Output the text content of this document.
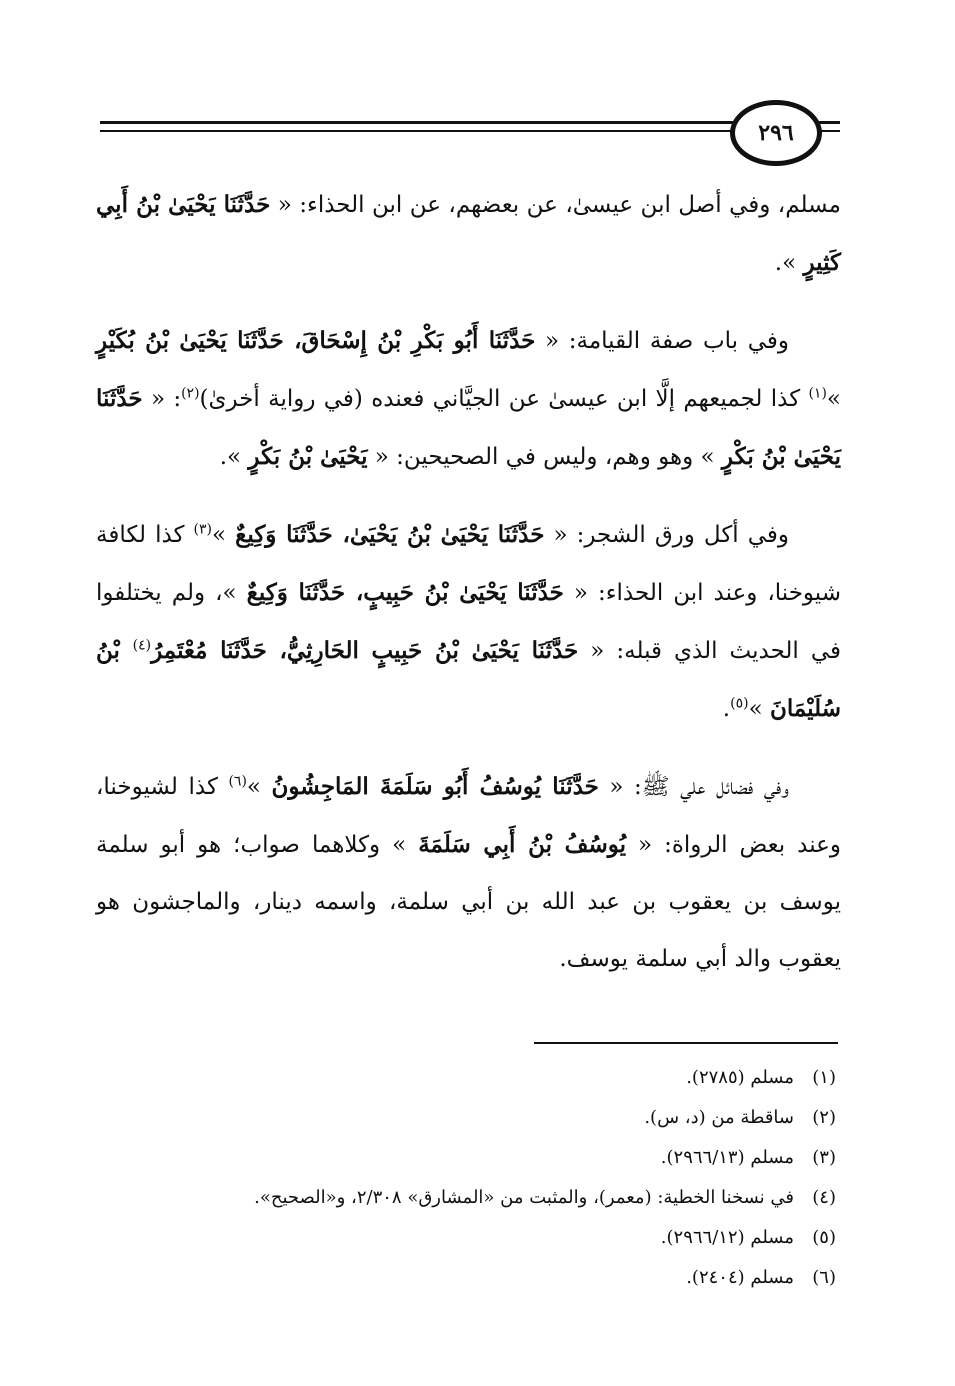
٢٩٦

مسلم، وفي أصل ابن عيسىٰ، عن بعضهم، عن ابن الحذاء: « حَدَّثَنَا يَحْيَىٰ بْنُ أَبِي كَثِيرٍ ».

وفي باب صفة القيامة: « حَدَّثَنَا أَبُو بَكْرِ بْنُ إِسْحَاقَ، حَدَّثَنَا يَحْيَىٰ بْنُ بُكَيْرٍ »$^{(١)}$ كذا لجميعهم إلَّا ابن عيسىٰ عن الجيَّاني فعنده (في رواية أخرىٰ)$^{(٢)}$: « حَدَّثَنَا يَحْيَىٰ بْنُ بَكْرٍ » وهو وهم، وليس في الصحيحين: « يَحْيَىٰ بْنُ بَكْرٍ ».

وفي أكل ورق الشجر: « حَدَّثَنَا يَحْيَىٰ بْنُ يَحْيَىٰ، حَدَّثَنَا وَكِيعٌ »$^{(٣)}$ كذا لكافة شيوخنا، وعند ابن الحذاء: « حَدَّثَنَا يَحْيَىٰ بْنُ حَبِيبٍ، حَدَّثَنَا وَكِيعٌ »، ولم يختلفوا في الحديث الذي قبله: « حَدَّثَنَا يَحْيَىٰ بْنُ حَبِيبٍ الحَارِثِيُّ، حَدَّثَنَا مُعْتَمِرُ$^{(٤)}$ بْنُ سُلَيْمَانَ »$^{(٥)}$.

وفي فضائل علي ﷺ: « حَدَّثَنَا يُوسُفُ أَبُو سَلَمَةَ المَاجِشُونُ »$^{(٦)}$ كذا لشيوخنا، وعند بعض الرواة: « يُوسُفُ بْنُ أَبِي سَلَمَةَ » وكلاهما صواب؛ هو أبو سلمة يوسف بن يعقوب بن عبد الله بن أبي سلمة، واسمه دينار، والماجشون هو يعقوب والد أبي سلمة يوسف.

(١)مسلم (٢٧٨٥).
(٢)ساقطة من (د، س).
(٣)مسلم (٢٩٦٦/١٣).
(٤)في نسخنا الخطية: (معمر)، والمثبت من «المشارق» ٢/٣٠٨، و«الصحيح».
(٥)مسلم (٢٩٦٦/١٢).
(٦)مسلم (٢٤٠٤).
